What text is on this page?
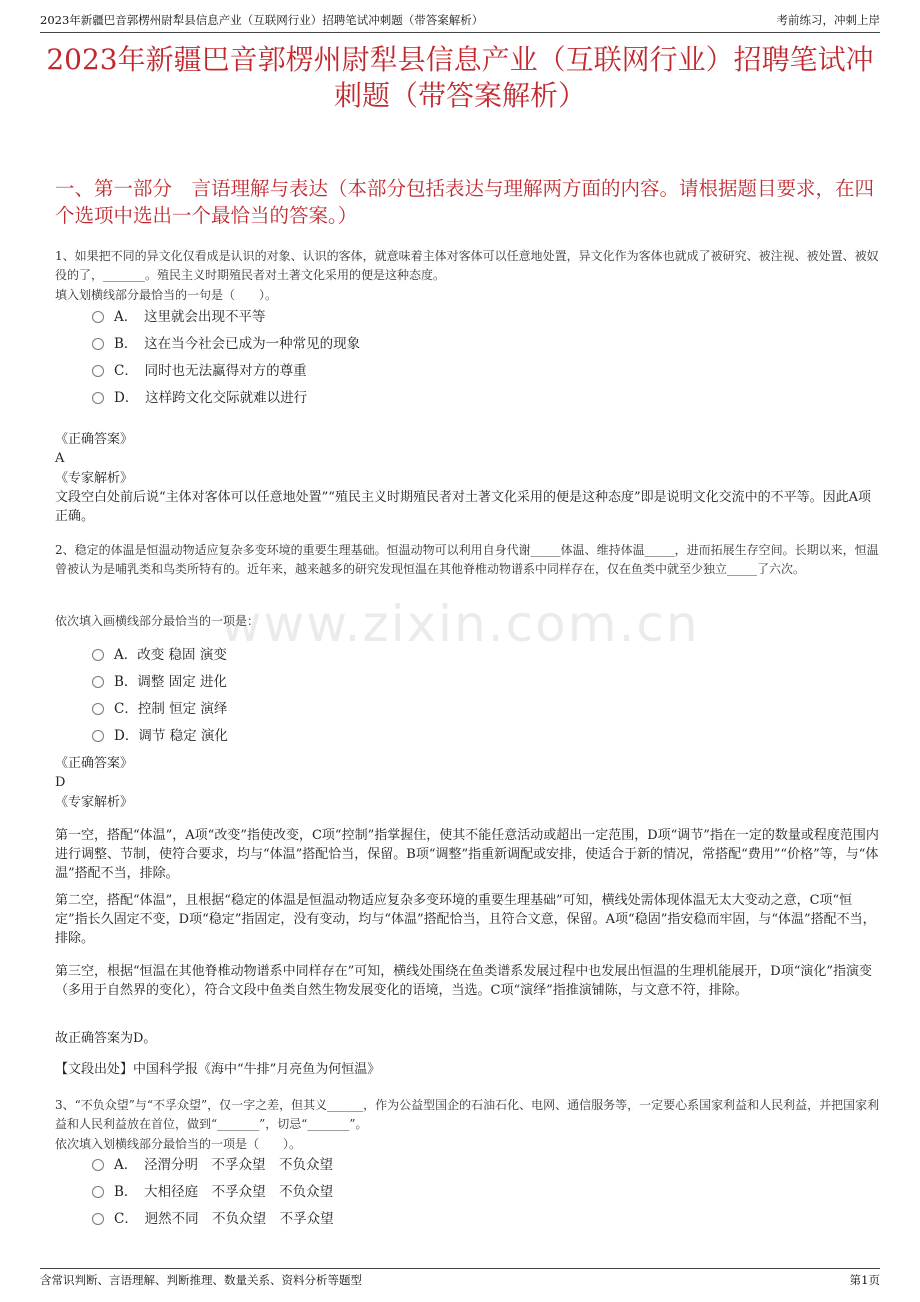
2023年新疆巴音郭楞州尉犁县信息产业（互联网行业）招聘笔试冲刺题（带答案解析）	考前练习，冲刺上岸
2023年新疆巴音郭楞州尉犁县信息产业（互联网行业）招聘笔试冲刺题（带答案解析）
一、第一部分　言语理解与表达（本部分包括表达与理解两方面的内容。请根据题目要求，在四个选项中选出一个最恰当的答案。）
1、如果把不同的异文化仅看成是认识的对象、认识的客体，就意味着主体对客体可以任意地处置，异文化作为客体也就成了被研究、被注视、被处置、被奴役的了，_______。殖民主义时期殖民者对土著文化采用的便是这种态度。
填入划横线部分最恰当的一句是（　　）。
A．　这里就会出现不平等
B．　这在当今社会已成为一种常见的现象
C．　同时也无法赢得对方的尊重
D．　这样跨文化交际就难以进行
《正确答案》
A
《专家解析》
文段空白处前后说“主体对客体可以任意地处置”“殖民主义时期殖民者对土著文化采用的便是这种态度”即是说明文化交流中的不平等。因此A项正确。
2、稳定的体温是恒温动物适应复杂多变环境的重要生理基础。恒温动物可以利用自身代谢_____体温、维持体温_____，进而拓展生存空间。长期以来，恒温曾被认为是哺乳类和鸟类所特有的。近年来，越来越多的研究发现恒温在其他脊椎动物谱系中同样存在，仅在鱼类中就至少独立_____了六次。
依次填入画横线部分最恰当的一项是：
A．改变 稳固 演变
B．调整 固定 进化
C．控制 恒定 演绎
D．调节 稳定 演化
《正确答案》
D
《专家解析》
第一空，搭配“体温”，A项“改变”指使改变，C项“控制”指掌握住，使其不能任意活动或超出一定范围，D项“调节”指在一定的数量或程度范围内进行调整、节制，使符合要求，均与“体温”搭配恰当，保留。B项“调整”指重新调配或安排，使适合于新的情况，常搭配“费用”“价格”等，与“体温”搭配不当，排除。
第二空，搭配“体温”，且根据“稳定的体温是恒温动物适应复杂多变环境的重要生理基础”可知，横线处需体现体温无太大变动之意，C项“恒定”指长久固定不变，D项“稳定”指固定，没有变动，均与“体温”搭配恰当，且符合文意，保留。A项“稳固”指安稳而牢固，与“体温”搭配不当，排除。
第三空，根据“恒温在其他脊椎动物谱系中同样存在”可知，横线处围绕在鱼类谱系发展过程中也发展出恒温的生理机能展开，D项“演化”指演变（多用于自然界的变化），符合文段中鱼类自然生物发展变化的语境，当选。C项“演绎”指推演铺陈，与文意不符，排除。
故正确答案为D。
【文段出处】中国科学报《海中“牛排”月亮鱼为何恒温》
3、“不负众望”与“不孚众望”，仅一字之差，但其义______，作为公益型国企的石油石化、电网、通信服务等，一定要心系国家利益和人民利益，并把国家利益和人民利益放在首位，做到“_______”，切忌“_______”。
依次填入划横线部分最恰当的一项是（　　）。
A．　泾渭分明　不孚众望　不负众望
B．　大相径庭　不孚众望　不负众望
C．　迥然不同　不负众望　不孚众望
www.zixin.com.cn
含常识判断、言语理解、判断推理、数量关系、资料分析等题型	第1页
